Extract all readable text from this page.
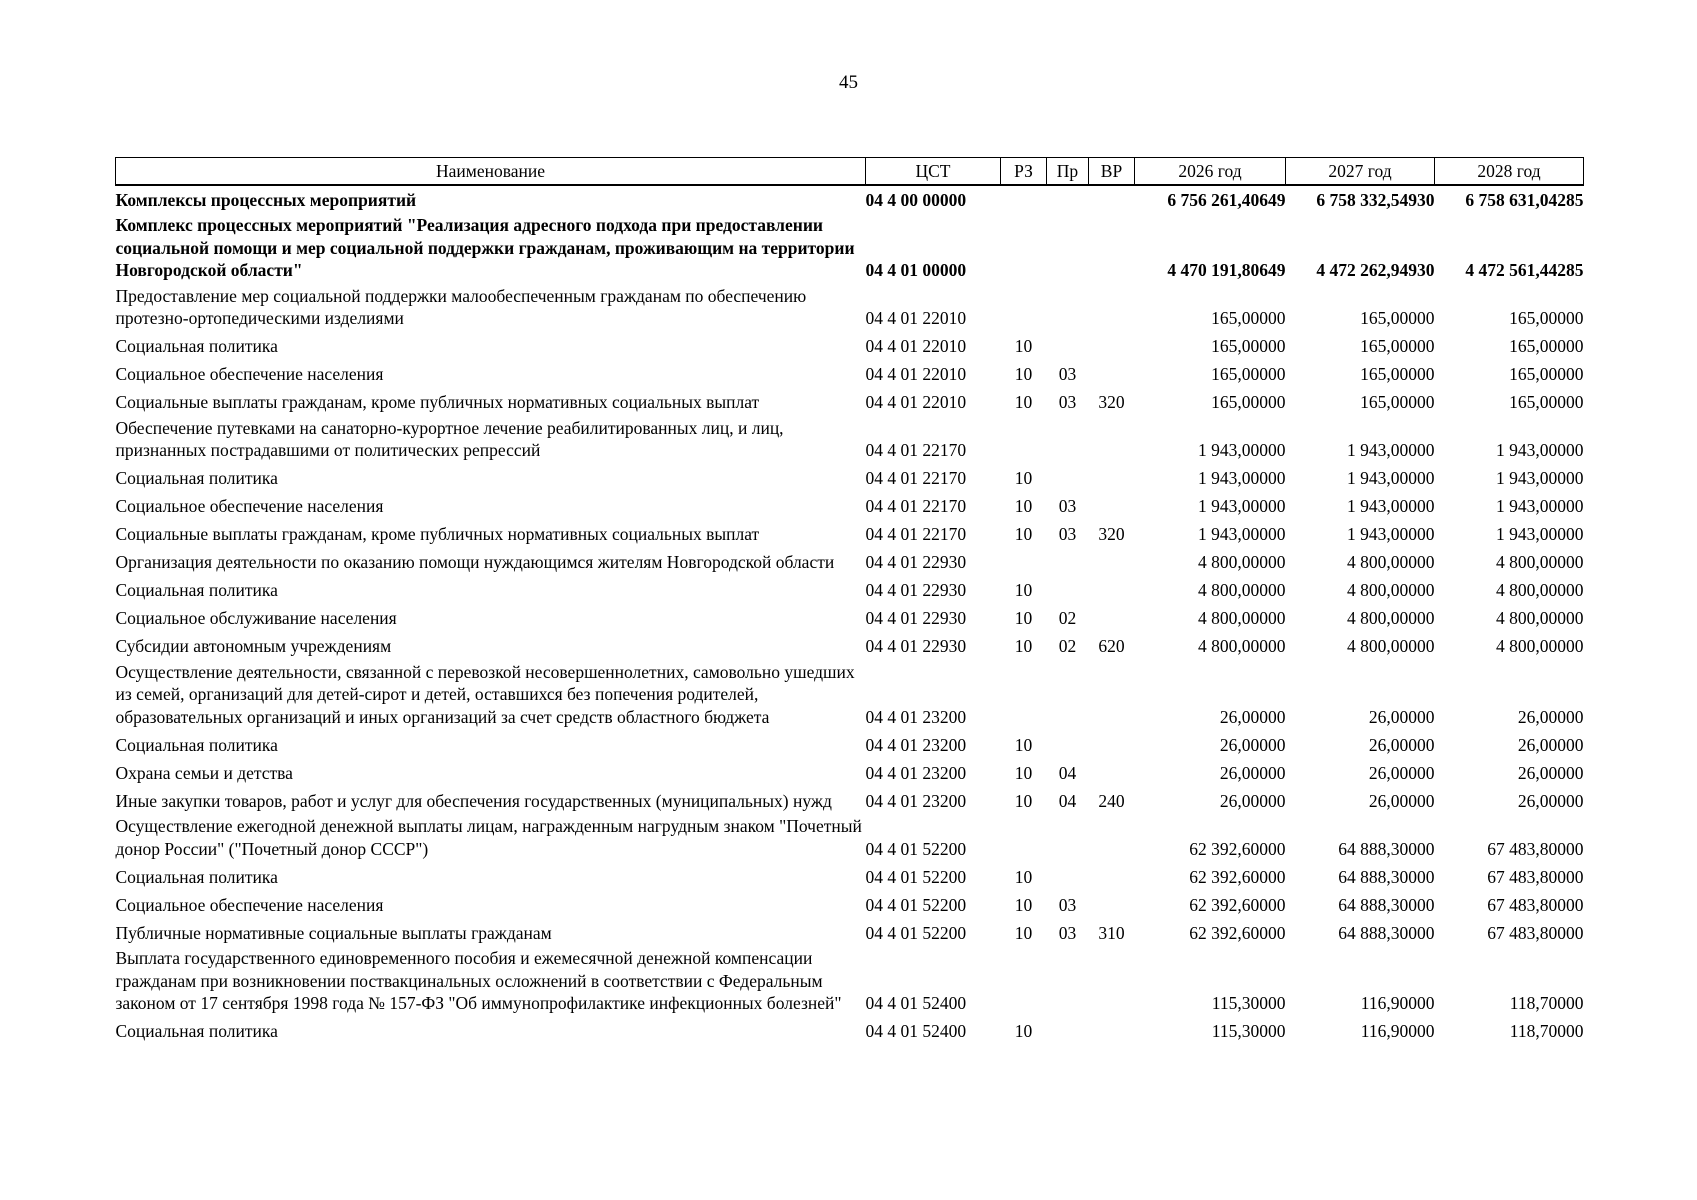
45
Наименование	ЦСТ	РЗ	Пр	ВР	2026 год	2027 год	2028 год
Комплексы процессных мероприятий	04 4 00 00000				6 756 261,40649	6 758 332,54930	6 758 631,04285
Комплекс процессных мероприятий "Реализация адресного подхода при предоставлении социальной помощи и мер социальной поддержки гражданам, проживающим на территории Новгородской области"	04 4 01 00000				4 470 191,80649	4 472 262,94930	4 472 561,44285
Предоставление мер социальной поддержки малообеспеченным гражданам по обеспечению протезно-ортопедическими изделиями	04 4 01 22010				165,00000	165,00000	165,00000
Социальная политика	04 4 01 22010	10			165,00000	165,00000	165,00000
Социальное обеспечение населения	04 4 01 22010	10	03		165,00000	165,00000	165,00000
Социальные выплаты гражданам, кроме публичных нормативных социальных выплат	04 4 01 22010	10	03	320	165,00000	165,00000	165,00000
Обеспечение путевками на санаторно-курортное лечение реабилитированных лиц, и лиц, признанных пострадавшими от политических репрессий	04 4 01 22170				1 943,00000	1 943,00000	1 943,00000
Социальная политика	04 4 01 22170	10			1 943,00000	1 943,00000	1 943,00000
Социальное обеспечение населения	04 4 01 22170	10	03		1 943,00000	1 943,00000	1 943,00000
Социальные выплаты гражданам, кроме публичных нормативных социальных выплат	04 4 01 22170	10	03	320	1 943,00000	1 943,00000	1 943,00000
Организация деятельности по оказанию помощи нуждающимся жителям Новгородской области	04 4 01 22930				4 800,00000	4 800,00000	4 800,00000
Социальная политика	04 4 01 22930	10			4 800,00000	4 800,00000	4 800,00000
Социальное обслуживание населения	04 4 01 22930	10	02		4 800,00000	4 800,00000	4 800,00000
Субсидии автономным учреждениям	04 4 01 22930	10	02	620	4 800,00000	4 800,00000	4 800,00000
Осуществление деятельности, связанной с перевозкой несовершеннолетних, самовольно ушедших из семей, организаций для детей-сирот и детей, оставшихся без попечения родителей, образовательных организаций и иных организаций за счет средств областного бюджета	04 4 01 23200				26,00000	26,00000	26,00000
Социальная политика	04 4 01 23200	10			26,00000	26,00000	26,00000
Охрана семьи и детства	04 4 01 23200	10	04		26,00000	26,00000	26,00000
Иные закупки товаров, работ и услуг для обеспечения государственных (муниципальных) нужд	04 4 01 23200	10	04	240	26,00000	26,00000	26,00000
Осуществление ежегодной денежной выплаты лицам, награжденным нагрудным знаком "Почетный донор России" ("Почетный донор СССР")	04 4 01 52200				62 392,60000	64 888,30000	67 483,80000
Социальная политика	04 4 01 52200	10			62 392,60000	64 888,30000	67 483,80000
Социальное обеспечение населения	04 4 01 52200	10	03		62 392,60000	64 888,30000	67 483,80000
Публичные нормативные социальные выплаты гражданам	04 4 01 52200	10	03	310	62 392,60000	64 888,30000	67 483,80000
Выплата государственного единовременного пособия и ежемесячной денежной компенсации гражданам при возникновении поствакцинальных осложнений в соответствии с Федеральным законом от 17 сентября 1998 года № 157-ФЗ "Об иммунопрофилактике инфекционных болезней"	04 4 01 52400				115,30000	116,90000	118,70000
Социальная политика	04 4 01 52400	10			115,30000	116,90000	118,70000
